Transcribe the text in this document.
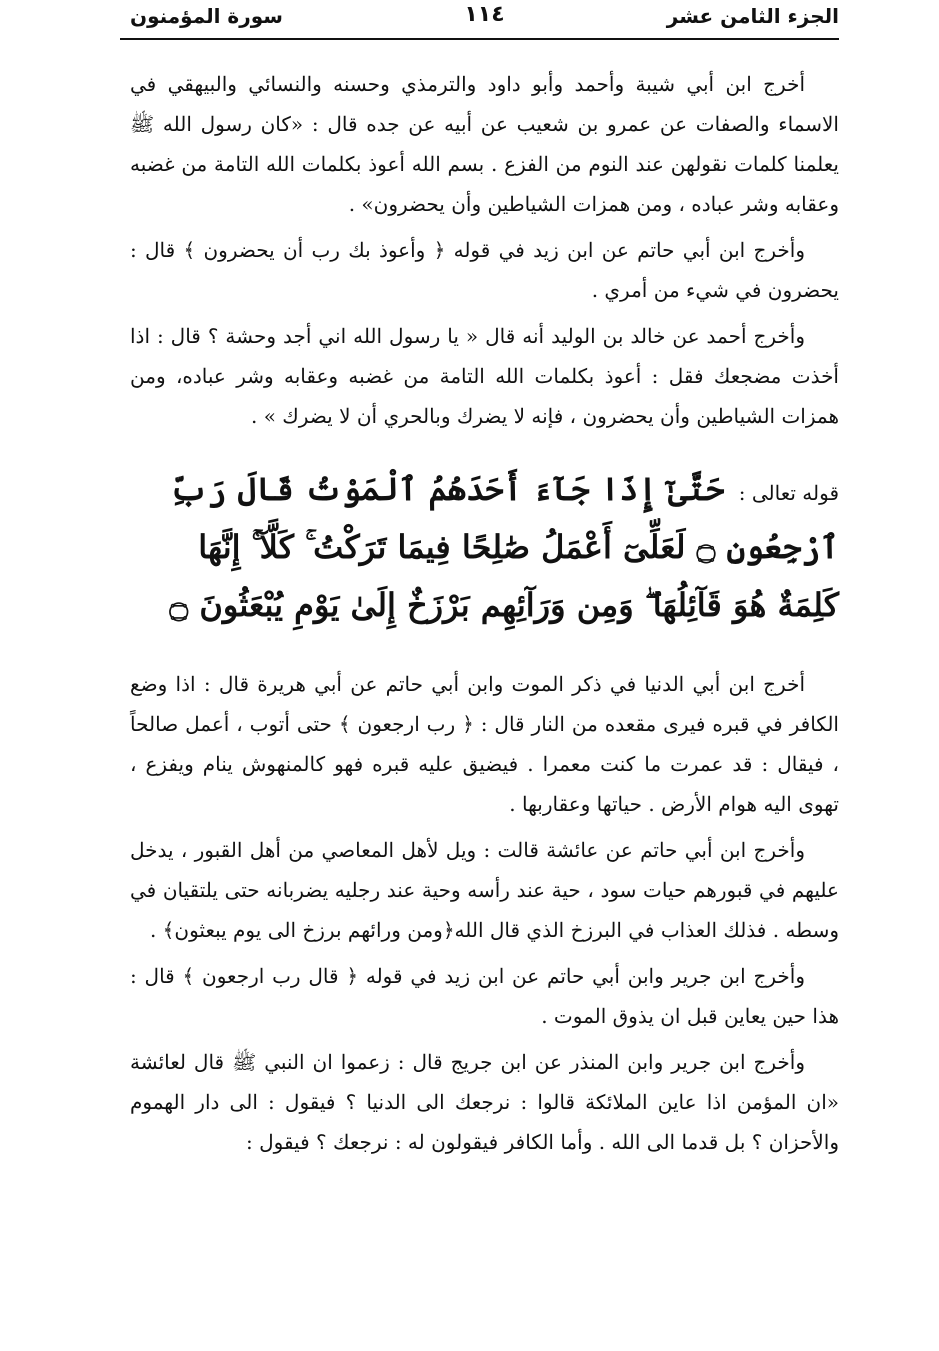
الجزء الثامن عشر
١١٤
سورة المؤمنون

أخرج ابن أبي شيبة وأحمد وأبو داود والترمذي وحسنه والنسائي والبيهقي في الاسماء والصفات عن عمرو بن شعيب عن أبيه عن جده قال : «كان رسول الله ﷺ يعلمنا كلمات نقولهن عند النوم من الفزع . بسم الله أعوذ بكلمات الله التامة من غضبه وعقابه وشر عباده ، ومن همزات الشياطين وأن يحضرون» .

وأخرج ابن أبي حاتم عن ابن زيد في قوله ﴿ وأعوذ بك رب أن يحضرون ﴾ قال : يحضرون في شيء من أمري .

وأخرج أحمد عن خالد بن الوليد أنه قال « يا رسول الله اني أجد وحشة ؟ قال : اذا أخذت مضجعك فقل : أعوذ بكلمات الله التامة من غضبه وعقابه وشر عباده، ومن همزات الشياطين وأن يحضرون ، فإنه لا يضرك وبالحري أن لا يضرك » .

قوله تعالى : حَتَّىٰٓ إِذَا جَآءَ أَحَدَهُمُ ٱلْمَوْتُ قَالَ رَبِّ ٱرْجِعُونِ ۝ لَعَلِّىٓ أَعْمَلُ صَٰلِحًا فِيمَا تَرَكْتُ ۚ كَلَّآ ۚ إِنَّهَا كَلِمَةٌ هُوَ قَآئِلُهَا ۖ وَمِن وَرَآئِهِم بَرْزَخٌ إِلَىٰ يَوْمِ يُبْعَثُونَ ۝

أخرج ابن أبي الدنيا في ذكر الموت وابن أبي حاتم عن أبي هريرة قال : اذا وضع الكافر في قبره فيرى مقعده من النار قال : ﴿ رب ارجعون ﴾ حتى أتوب ، أعمل صالحاً ، فيقال : قد عمرت ما كنت معمرا . فيضيق عليه قبره فهو كالمنهوش ينام ويفزع ، تهوى اليه هوام الأرض . حياتها وعقاربها .

وأخرج ابن أبي حاتم عن عائشة قالت : ويل لأهل المعاصي من أهل القبور ، يدخل عليهم في قبورهم حيات سود ، حية عند رأسه وحية عند رجليه يضربانه حتى يلتقيان في وسطه . فذلك العذاب في البرزخ الذي قال الله﴿ومن ورائهم برزخ الى يوم يبعثون﴾ .

وأخرج ابن جرير وابن أبي حاتم عن ابن زيد في قوله ﴿ قال رب ارجعون ﴾ قال : هذا حين يعاين قبل ان يذوق الموت .

وأخرج ابن جرير وابن المنذر عن ابن جريج قال : زعموا ان النبي ﷺ قال لعائشة «ان المؤمن اذا عاين الملائكة قالوا : نرجعك الى الدنيا ؟ فيقول : الى دار الهموم والأحزان ؟ بل قدما الى الله . وأما الكافر فيقولون له : نرجعك ؟ فيقول :
